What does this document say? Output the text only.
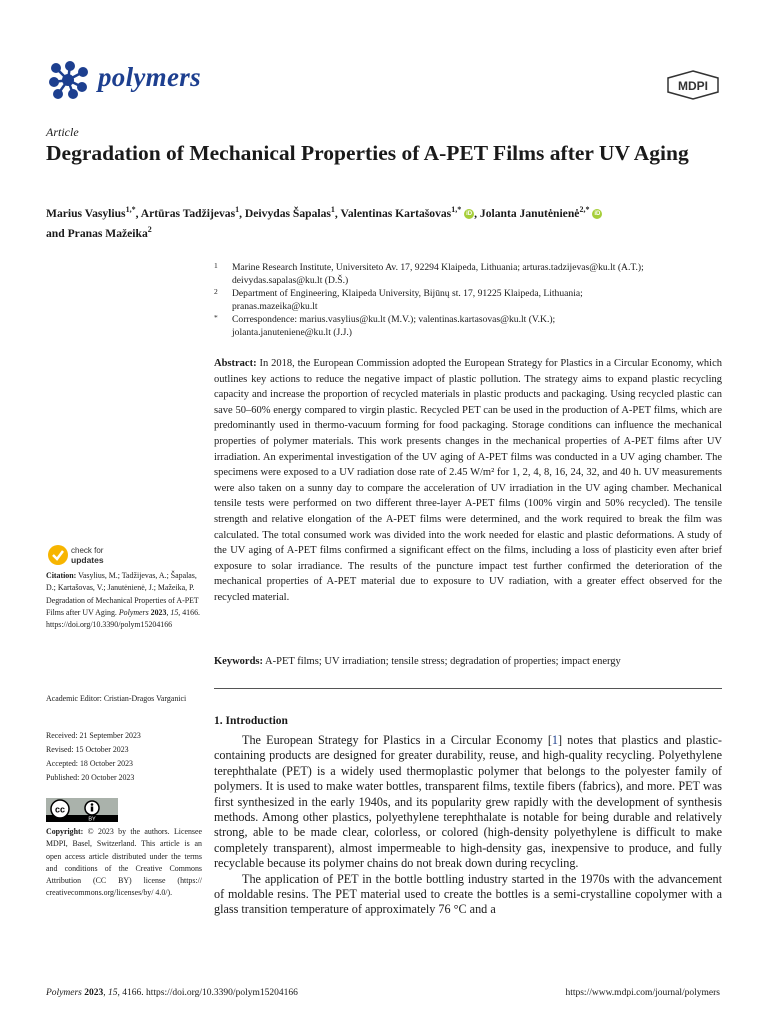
polymers	MDPI
Article
Degradation of Mechanical Properties of A-PET Films after UV Aging
Marius Vasylius$^{1,*}$, Artūras Tadžijevas$^1$, Deivydas Šapalas$^1$, Valentinas Kartašovas$^{1,*}$ iD , Jolanta Janutėnienė$^{2,*}$ iD
and Pranas Mažeika$^2$
1 Marine Research Institute, Universiteto Av. 17, 92294 Klaipeda, Lithuania; arturas.tadzijevas@ku.lt (A.T.);
deivydas.sapalas@ku.lt (D.Š.)
2 Department of Engineering, Klaipeda University, Bijūnų st. 17, 91225 Klaipeda, Lithuania;
pranas.mazeika@ku.lt
* Correspondence: marius.vasylius@ku.lt (M.V.); valentinas.kartasovas@ku.lt (V.K.);
jolanta.januteniene@ku.lt (J.J.)
Abstract: In 2018, the European Commission adopted the European Strategy for Plastics in a Circular Economy, which outlines key actions to reduce the negative impact of plastic pollution. The strategy aims to expand plastic recycling capacity and increase the proportion of recycled materials in plastic products and packaging. Using recycled plastic can save 50–60% energy compared to virgin plastic. Recycled PET can be used in the production of A-PET films, which are predominantly used in thermo-vacuum forming for food packaging. Storage conditions can influence the mechanical properties of polymer materials. This work presents changes in the mechanical properties of A-PET films after UV irradiation. An experimental investigation of the UV aging of A-PET films was conducted in a UV aging chamber. The specimens were exposed to a UV radiation dose rate of 2.45 W/m² for 1, 2, 4, 8, 16, 24, 32, and 40 h. UV measurements were also taken on a sunny day to compare the acceleration of UV irradiation in the UV aging chamber. Mechanical tensile tests were performed on two different three-layer A-PET films (100% virgin and 50% recycled). The tensile strength and relative elongation of the A-PET films were determined, and the work required to break the film was calculated. The total consumed work was divided into the work needed for elastic and plastic deformations. A study of the UV aging of A-PET films confirmed a significant effect on the films, including a loss of plasticity even after brief exposure to solar irradiance. The results of the puncture impact test further confirmed the deterioration of the mechanical properties of A-PET material due to exposure to UV radiation, with a greater effect observed for the recycled material.
Keywords: A-PET films; UV irradiation; tensile stress; degradation of properties; impact energy
check for
updates
Citation: Vasylius, M.; Tadžijevas, A.; Šapalas, D.; Kartašovas, V.; Janutėnienė, J.; Mažeika, P. Degradation of Mechanical Properties of A-PET Films after UV Aging. Polymers 2023, 15, 4166. https://doi.org/10.3390/polym15204166
Academic Editor: Cristian-Dragos Varganici
Received: 21 September 2023
Revised: 15 October 2023
Accepted: 18 October 2023
Published: 20 October 2023
cc
BY
Copyright: © 2023 by the authors. Licensee MDPI, Basel, Switzerland. This article is an open access article distributed under the terms and conditions of the Creative Commons Attribution (CC BY) license (https:// creativecommons.org/licenses/by/ 4.0/).
1. Introduction

The European Strategy for Plastics in a Circular Economy [1] notes that plastics and plastic-containing products are designed for greater durability, reuse, and high-quality recycling. Polyethylene terephthalate (PET) is a widely used thermoplastic polymer that belongs to the polyester family of polymers. It is used to make water bottles, transparent films, textile fibers (fabrics), and more. PET was first synthesized in the early 1940s, and its popularity grew rapidly with the development of synthesis methods. Among other plastics, polyethylene terephthalate is notable for being durable and relatively strong, able to be made clear, colorless, or colored (high-density polyethylene is difficult to make completely transparent), almost impermeable to high-density gas, inexpensive to produce, and fully recyclable because its polymer chains do not break down during recycling.

The application of PET in the bottle bottling industry started in the 1970s with the advancement of moldable resins. The PET material used to create the bottles is a semi-crystalline copolymer with a glass transition temperature of approximately 76 °C and a

Polymers 2023, 15, 4166. https://doi.org/10.3390/polym15204166	https://www.mdpi.com/journal/polymers
